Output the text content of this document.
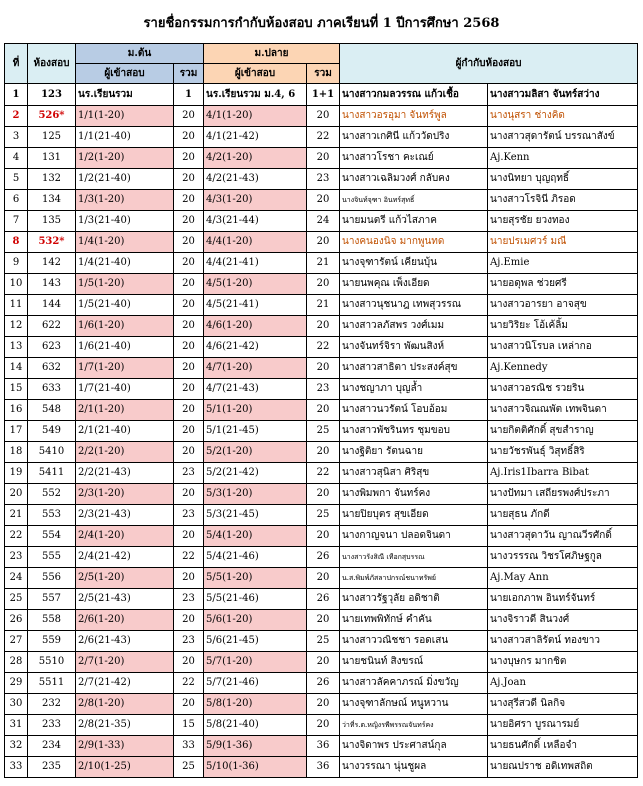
รายชื่อกรรมการกำกับห้องสอบ ภาคเรียนที่ 1 ปีการศึกษา 2568
ที่	ห้องสอบ	ม.ต้น		ม.ปลาย		ผู้กำกับห้องสอบ	
		ผู้เข้าสอบ	รวม	ผู้เข้าสอบ	รวม		
1	123	นร.เรียนรวม	1	นร.เรียนรวม ม.4, 6	1+1	นางสาวกมลวรรณ แก้วเชื้อ	นางสาวมลิสา จันทร์สว่าง
2	526*	1/1(1-20)	20	4/1(1-20)	20	นางสาวอรอุมา จันทร์พูล	นางนุสรา ช่างคิด
3	125	1/1(21-40)	20	4/1(21-42)	22	นางสาวเกศินี แก้ววัดปริง	นางสาวสุดารัตน์ บรรณาสังข์
4	131	1/2(1-20)	20	4/2(1-20)	20	นางสาวโรชา คะเณย์	Aj.Kenn
5	132	1/2(21-40)	20	4/2(21-43)	23	นางสาวเฉลิมวงศ์ กลับคง	นางนิทยา บุญฤทธิ์
6	134	1/3(1-20)	20	4/3(1-20)	20	นางจินท์จุฑา อินทร์สุทธิ์	นางสาวโรจินี ภิรอด
7	135	1/3(21-40)	20	4/3(21-44)	24	นายมนตรี แก้วไสภาค	นายสุรชัย ยวงทอง
8	532*	1/4(1-20)	20	4/4(1-20)	20	นางคนองนิจ มากพูนทด	นายปรเมศวร์ มณี
9	142	1/4(21-40)	20	4/4(21-41)	21	นางจุฑารัตน์ เคียนบุ้น	Aj.Emie
10	143	1/5(1-20)	20	4/5(1-20)	20	นายนพคุณ เพ็งเอียด	นายอดุพล ช่วยศรี
11	144	1/5(21-40)	20	4/5(21-41)	21	นางสาวนุชนาฎ เทพสุวรรณ	นางสาวอารยา อาจสุข
12	622	1/6(1-20)	20	4/6(1-20)	20	นางสาวลภัสพร วงศ์เมม	นายวิริยะ โอ้เค้ลิ้ม
13	623	1/6(21-40)	20	4/6(21-42)	22	นางจันทร์จิรา พัฒนสิงห์	นางสาวนิโรบล เหล่ากอ
14	632	1/7(1-20)	20	4/7(1-20)	20	นางสาวสาธิตา ประสงค์สุข	Aj.Kennedy
15	633	1/7(21-40)	20	4/7(21-43)	23	นางชญาภา บุญล้ำ	นางสาวอรณิช รวยริน
16	548	2/1(1-20)	20	5/1(1-20)	20	นางสาวนวรัตน์ โอบอ้อม	นางสาวจิณณพัต เทพจินดา
17	549	2/1(21-40)	20	5/1(21-45)	25	นางสาวพัชรินทร ชุมขอบ	นายกิตติศักดิ์ สุขสำราญ
18	5410	2/2(1-20)	20	5/2(1-20)	20	นางฐิติยา รัตนฉาย	นายวัชรพันธุ์ วิสุทธิ์สิริ
19	5411	2/2(21-43)	23	5/2(21-42)	22	นางสาวสุนิสา ศิริสุข	Aj.Iris1Ibarra Bibat
20	552	2/3(1-20)	20	5/3(1-20)	20	นางพิมพกา จันทร์คง	นางปัทมา เสถียรพงศ์ประภา
21	553	2/3(21-43)	23	5/3(21-45)	25	นายปิยบุตร สุขเอียด	นายสุธน ภักดี
22	554	2/4(1-20)	20	5/4(1-20)	20	นางกาญจนา ปลอดจินดา	นางสาวสุดาวัน ญาณวีรศักดิ์
23	555	2/4(21-42)	22	5/4(21-46)	26	นางสาวรังสิณี เทือกสุบรรณ	นางวรรรณ วิชรโศภิษฐกูล
24	556	2/5(1-20)	20	5/5(1-20)	20	น.ส.พิมพ์ภัสลาปกรณ์ชนาทรัพย์	Aj.May Ann
25	557	2/5(21-43)	23	5/5(21-46)	26	นางสาวรัฐวุลัย อดิชาติ	นายเอกภาพ อินทร์จันทร์
26	558	2/6(1-20)	20	5/6(1-20)	20	นายเทพพิทักษ์ คำคัน	นางจิราวดี สินวงศ์
27	559	2/6(21-43)	23	5/6(21-45)	25	นางสาววณิชชา รอดเสน	นางสาวสาลิรัตน์ ทองขาว
28	5510	2/7(1-20)	20	5/7(1-20)	20	นายชนินท์ สิงขรณ์	นางบุษกร มากชิต
29	5511	2/7(21-42)	22	5/7(21-46)	26	นางสาวลัคคาภรณ์ มิ่งขวัญ	Aj.Joan
30	232	2/8(1-20)	20	5/8(1-20)	20	นางจุฑาลักษณ์ หนูหวาน	นางสุรีสวดี นิลกิจ
31	233	2/8(21-35)	15	5/8(21-40)	20	ว่าที่ร.ต.หญิงรพีพรรณจันทร์คง	นายอิศรา บูรณารมย์
32	234	2/9(1-33)	33	5/9(1-36)	36	นางจิดาพร ประศาสน์กุล	นายธนศักดิ์ เหลือจำ
33	235	2/10(1-25)	25	5/10(1-36)	36	นางวรรณา นุ่นชูผล	นายณปราช อดิเทพสถิต
